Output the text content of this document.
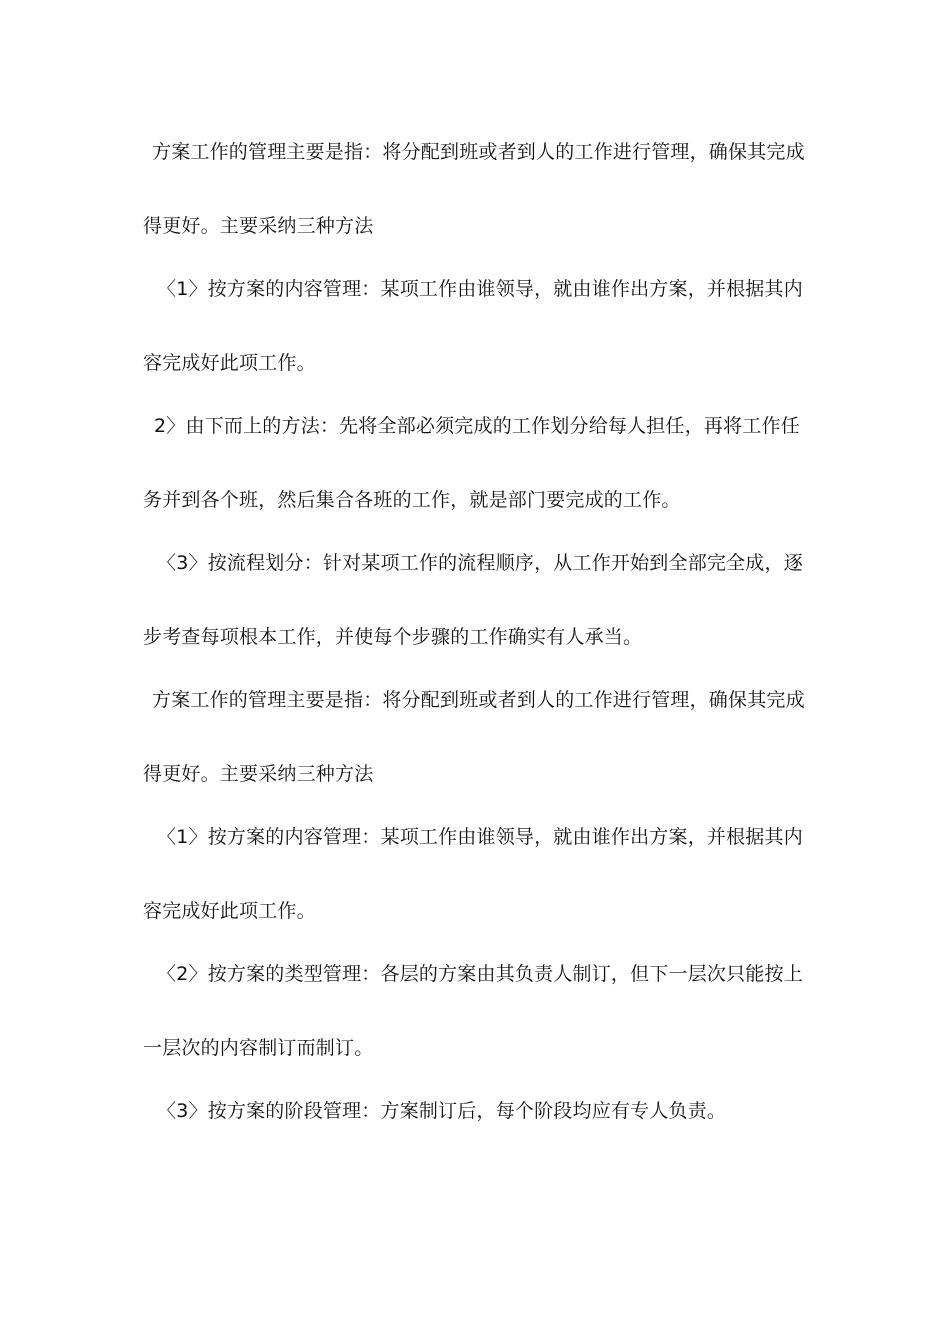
方案工作的管理主要是指：将分配到班或者到人的工作进行管理，确保其完成
得更好。主要采纳三种方法
〈1〉按方案的内容管理：某项工作由谁领导，就由谁作出方案，并根据其内
容完成好此项工作。
2〉由下而上的方法：先将全部必须完成的工作划分给每人担任，再将工作任
务并到各个班，然后集合各班的工作，就是部门要完成的工作。
〈3〉按流程划分：针对某项工作的流程顺序，从工作开始到全部完全成，逐
步考查每项根本工作，并使每个步骤的工作确实有人承当。
方案工作的管理主要是指：将分配到班或者到人的工作进行管理，确保其完成
得更好。主要采纳三种方法
〈1〉按方案的内容管理：某项工作由谁领导，就由谁作出方案，并根据其内
容完成好此项工作。
〈2〉按方案的类型管理：各层的方案由其负责人制订，但下一层次只能按上
一层次的内容制订而制订。
〈3〉按方案的阶段管理：方案制订后，每个阶段均应有专人负责。
